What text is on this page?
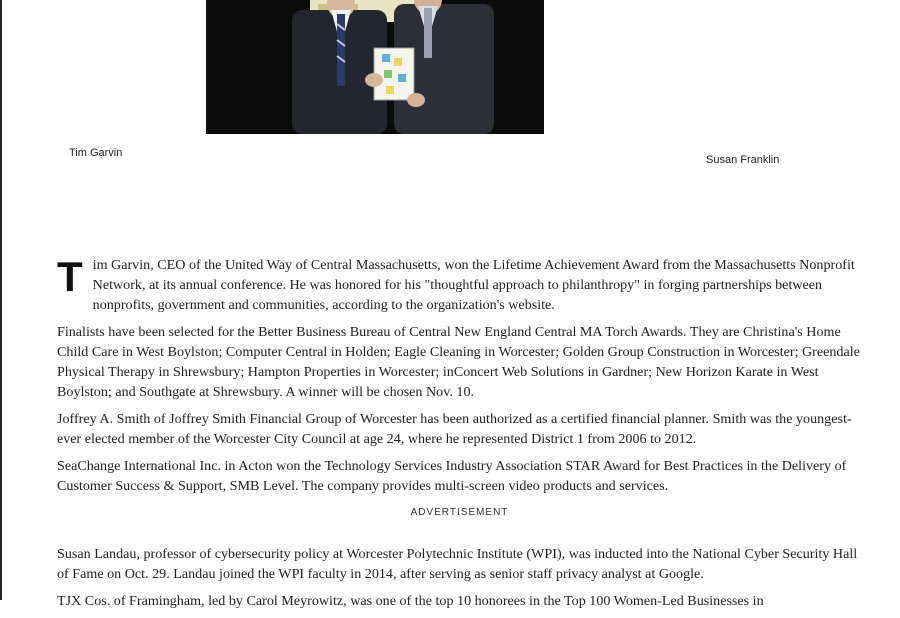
Tim Garvin
Susan Franklin

Tim Garvin, CEO of the United Way of Central Massachusetts, won the Lifetime Achievement Award from the Massachusetts Nonprofit Network, at its annual conference. He was honored for his "thoughtful approach to philanthropy" in forging partnerships between nonprofits, government and communities, according to the organization's website.

Finalists have been selected for the Better Business Bureau of Central New England Central MA Torch Awards. They are Christina's Home Child Care in West Boylston; Computer Central in Holden; Eagle Cleaning in Worcester; Golden Group Construction in Worcester; Greendale Physical Therapy in Shrewsbury; Hampton Properties in Worcester; inConcert Web Solutions in Gardner; New Horizon Karate in West Boylston; and Southgate at Shrewsbury. A winner will be chosen Nov. 10.

Joffrey A. Smith of Joffrey Smith Financial Group of Worcester has been authorized as a certified financial planner. Smith was the youngest-ever elected member of the Worcester City Council at age 24, where he represented District 1 from 2006 to 2012.

SeaChange International Inc. in Acton won the Technology Services Industry Association STAR Award for Best Practices in the Delivery of Customer Success & Support, SMB Level. The company provides multi-screen video products and services.

ADVERTISEMENT

Susan Landau, professor of cybersecurity policy at Worcester Polytechnic Institute (WPI), was inducted into the National Cyber Security Hall of Fame on Oct. 29. Landau joined the WPI faculty in 2014, after serving as senior staff privacy analyst at Google.

TJX Cos. of Framingham, led by Carol Meyrowitz, was one of the top 10 honorees in the Top 100 Women-Led Businesses in
